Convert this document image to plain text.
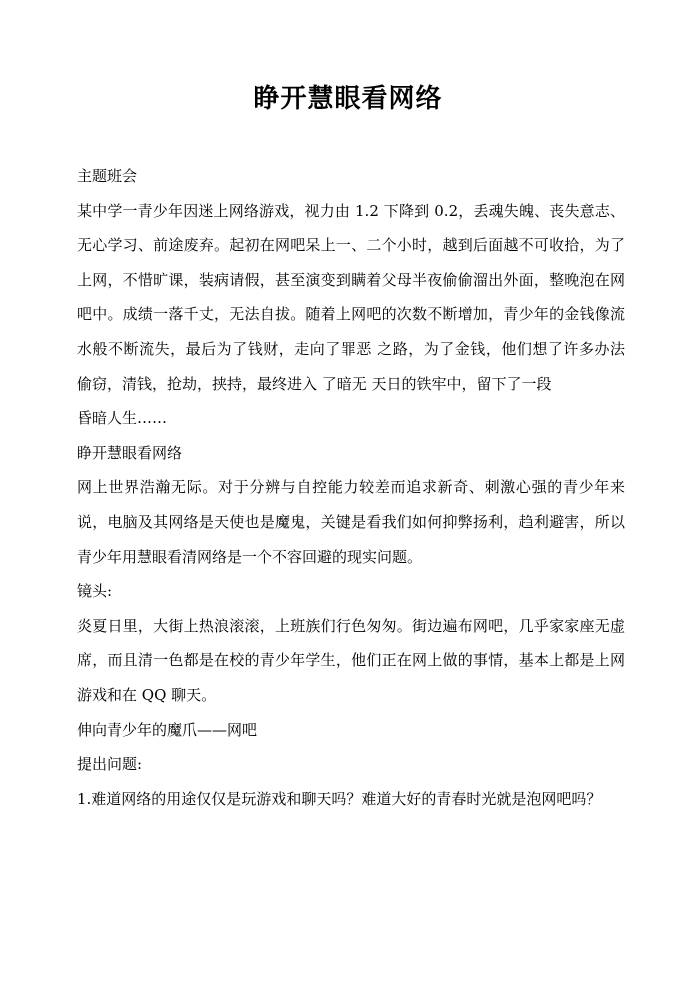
睁开慧眼看网络

主题班会

某中学一青少年因迷上网络游戏，视力由 1.2 下降到 0.2，丢魂失魄、丧失意志、无心学习、前途废弃。起初在网吧呆上一、二个小时，越到后面越不可收拾，为了上网，不惜旷课，装病请假，甚至演变到瞒着父母半夜偷偷溜出外面，整晚泡在网吧中。成绩一落千丈，无法自拔。随着上网吧的次数不断增加，青少年的金钱像流水般不断流失，最后为了钱财，走向了罪恶 之路，为了金钱，他们想了许多办法 偷窃，清钱，抢劫，挟持，最终进入 了暗无 天日的铁牢中，留下了一段

昏暗人生……

睁开慧眼看网络

网上世界浩瀚无际。对于分辨与自控能力较差而追求新奇、刺激心强的青少年来说，电脑及其网络是天使也是魔鬼，关键是看我们如何抑弊扬利，趋利避害，所以青少年用慧眼看清网络是一个不容回避的现实问题。

镜头:

炎夏日里，大街上热浪滚滚，上班族们行色匆匆。街边遍布网吧，几乎家家座无虚席，而且清一色都是在校的青少年学生，他们正在网上做的事情，基本上都是上网游戏和在 QQ 聊天。

伸向青少年的魔爪——网吧

提出问题:

1.难道网络的用途仅仅是玩游戏和聊天吗？难道大好的青春时光就是泡网吧吗？
